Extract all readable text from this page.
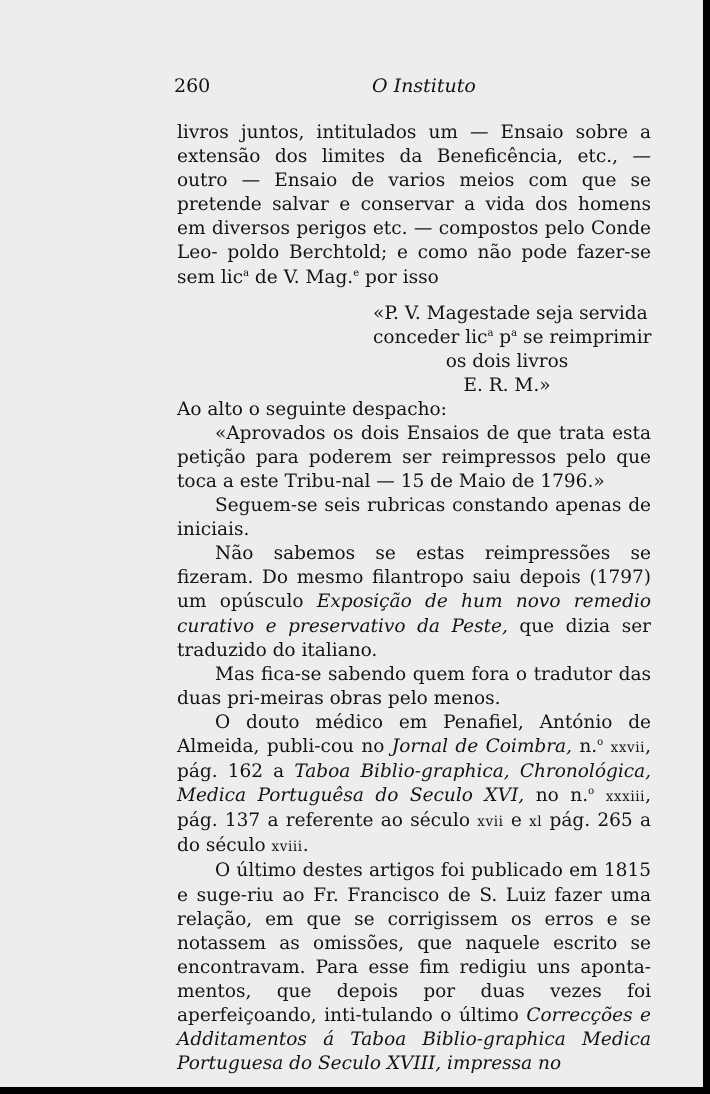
260	O Instituto

livros juntos, intitulados um — Ensaio sobre a extensão dos limites da Beneficência, etc., — outro — Ensaio de varios meios com que se pretende salvar e conservar a vida dos homens em diversos perigos etc. — compostos pelo Conde Leo- poldo Berchtold; e como não pode fazer-se sem lic$^a$ de V. Mag.$^e$ por isso

«P. V. Magestade seja servida
conceder lic$^a$ $p^a$ se reimprimir
os dois livros
E. R. M.»

Ao alto o seguinte despacho:

«Aprovados os dois Ensaios de que trata esta petição para poderem ser reimpressos pelo que toca a este Tribu-nal — 15 de Maio de 1796.»

Seguem-se seis rubricas constando apenas de iniciais.

Não sabemos se estas reimpressões se fizeram. Do mesmo filantropo saiu depois (1797) um opúsculo Exposição de hum novo remedio curativo e preservativo da Peste, que dizia ser traduzido do italiano.

Mas fica-se sabendo quem fora o tradutor das duas pri-meiras obras pelo menos.

O douto médico em Penafiel, António de Almeida, publi-cou no Jornal de Coimbra, n.$^o$ xxvii, pág. 162 a Taboa Biblio-graphica, Chronológica, Medica Portuguêsa do Seculo XVI, no n.$^o$ xxxiii, pág. 137 a referente ao século xvii e xl pág. 265 a do século xviii.

O último destes artigos foi publicado em 1815 e suge-riu ao Fr. Francisco de S. Luiz fazer uma relação, em que se corrigissem os erros e se notassem as omissões, que naquele escrito se encontravam. Para esse fim redigiu uns aponta-mentos, que depois por duas vezes foi aperfeiçoando, inti-tulando o último Correcções e Additamentos á Taboa Biblio-graphica Medica Portuguesa do Seculo XVIII, impressa no
